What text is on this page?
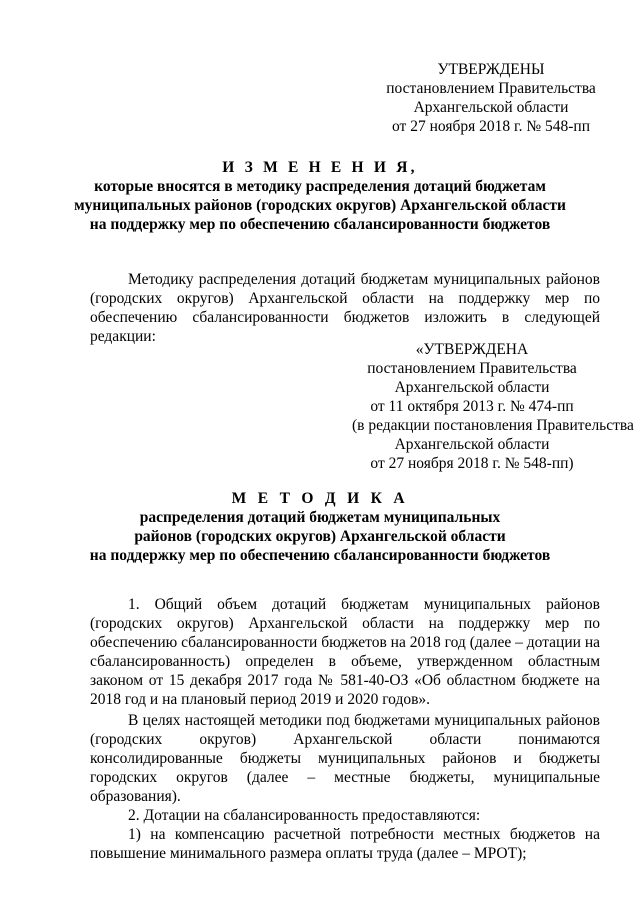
УТВЕРЖДЕНЫ
постановлением Правительства
Архангельской области
от 27 ноября 2018 г. № 548-пп
И З М Е Н Е Н И Я,
которые вносятся в методику распределения дотаций бюджетам
муниципальных районов (городских округов) Архангельской области
на поддержку мер по обеспечению сбалансированности бюджетов

Методику распределения дотаций бюджетам муниципальных районов (городских округов) Архангельской области на поддержку мер по обеспечению сбалансированности бюджетов изложить в следующей редакции:

«УТВЕРЖДЕНА
постановлением Правительства
Архангельской области
от 11 октября 2013 г. № 474-пп
(в редакции постановления Правительства
Архангельской области
от 27 ноября 2018 г. № 548-пп)
М Е Т О Д И К А
распределения дотаций бюджетам муниципальных
районов (городских округов) Архангельской области
на поддержку мер по обеспечению сбалансированности бюджетов

1. Общий объем дотаций бюджетам муниципальных районов (городских округов) Архангельской области на поддержку мер по обеспечению сбалансированности бюджетов на 2018 год (далее – дотации на сбалансированность) определен в объеме, утвержденном областным законом от 15 декабря 2017 года № 581-40-ОЗ «Об областном бюджете на 2018 год и на плановый период 2019 и 2020 годов».

В целях настоящей методики под бюджетами муниципальных районов (городских округов) Архангельской области понимаются консолидированные бюджеты муниципальных районов и бюджеты городских округов (далее – местные бюджеты, муниципальные образования).

2. Дотации на сбалансированность предоставляются:

1) на компенсацию расчетной потребности местных бюджетов на повышение минимального размера оплаты труда (далее – МРОТ);
